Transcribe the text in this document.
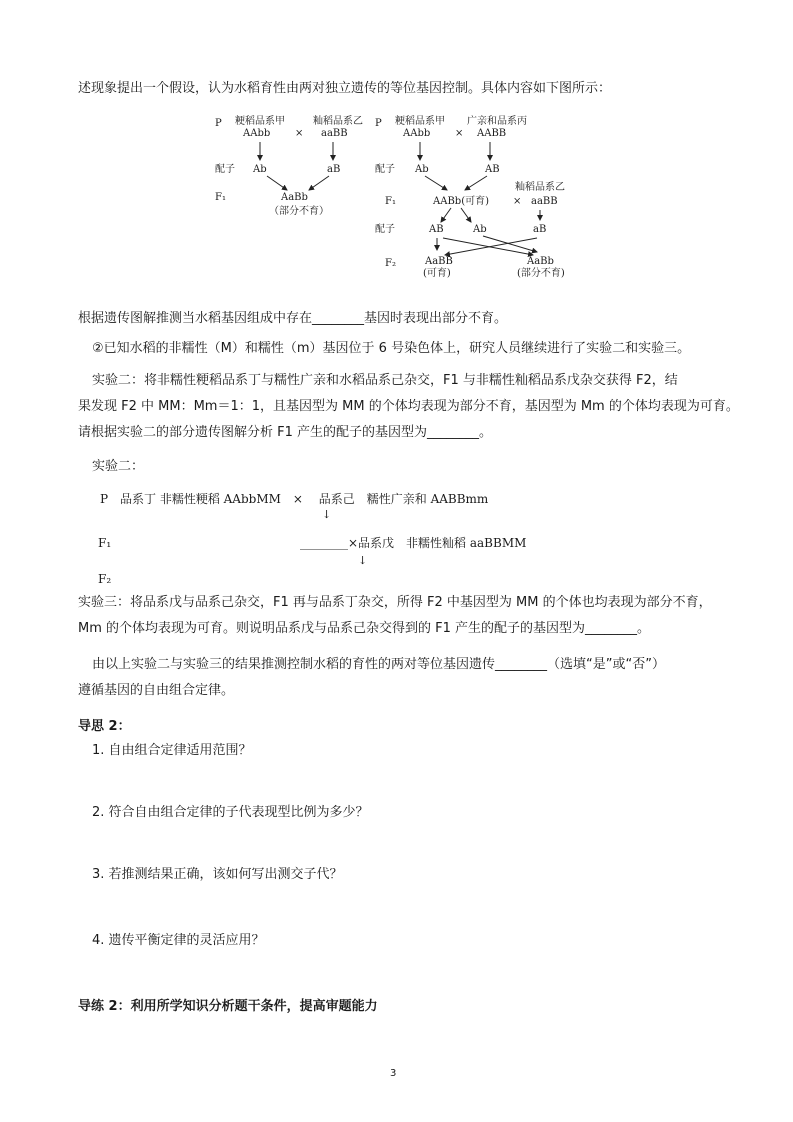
述现象提出一个假设，认为水稻育性由两对独立遗传的等位基因控制。具体内容如下图所示：
P 粳稻品系甲
AAbb ×
籼稻品系乙
aaBB
配子 Ab	aB
F₁	AaBb
（部分不育）
P 粳稻品系甲
AAbb ×
广亲和品系丙
AABB
配子 Ab	AB
籼稻品系乙
F₁	AABb(可育) × aaBB
配子	AB	Ab	aB
F₂	AaBB
(可育)
AaBb
(部分不育)
根据遗传图解推测当水稻基因组成中存在________基因时表现出部分不育。
②已知水稻的非糯性（M）和糯性（m）基因位于 6 号染色体上，研究人员继续进行了实验二和实验三。
实验二：将非糯性粳稻品系丁与糯性广亲和水稻品系己杂交，F1 与非糯性籼稻品系戊杂交获得 F2，结
果发现 F2 中 MM：Mm＝1：1，且基因型为 MM 的个体均表现为部分不育，基因型为 Mm 的个体均表现为可育。
请根据实验二的部分遗传图解分析 F1 产生的配子的基因型为________。
实验二：
P 品系丁 非糯性粳稻 AAbbMM　×　 品系己　糯性广亲和 AABBmm
↓
F₁	________×品系戊　非糯性籼稻 aaBBMM
↓
F₂
实验三：将品系戊与品系己杂交，F1 再与品系丁杂交，所得 F2 中基因型为 MM 的个体也均表现为部分不育，
Mm 的个体均表现为可育。则说明品系戊与品系己杂交得到的 F1 产生的配子的基因型为________。
由以上实验二与实验三的结果推测控制水稻的育性的两对等位基因遗传________（选填“是”或“否”）
遵循基因的自由组合定律。
导思 2：
1. 自由组合定律适用范围？
2. 符合自由组合定律的子代表现型比例为多少？
3. 若推测结果正确，该如何写出测交子代？
4. 遗传平衡定律的灵活应用？
导练 2：利用所学知识分析题干条件，提高审题能力
3
